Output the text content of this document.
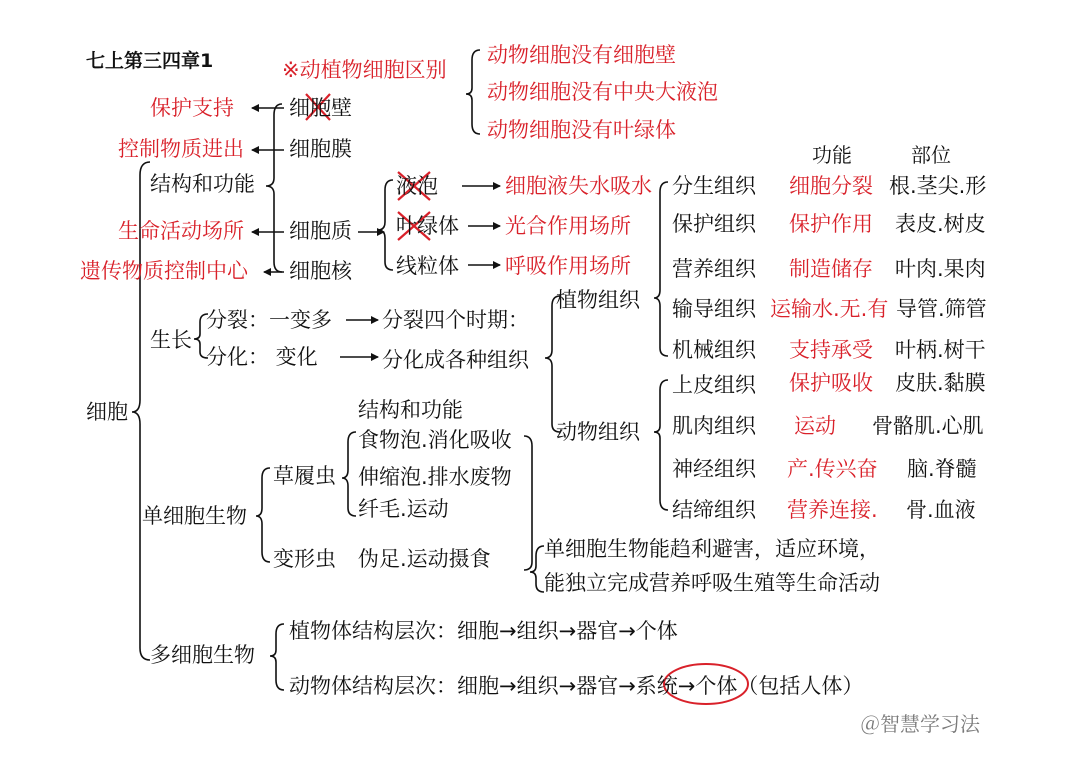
七上第三四章1	※动植物细胞区别
动物细胞没有细胞壁
动物细胞没有中央大液泡
动物细胞没有叶绿体
保护支持
控制物质进出
生命活动场所
遗传物质控制中心
细胞壁
细胞膜
细胞质
细胞核
结构和功能	液泡
叶绿体
线粒体
细胞液失水吸水
光合作用场所
呼吸作用场所
细胞
生长
分裂：一变多 分裂四个时期：
分化： 变化	分化成各种组织
功能	部位
植物组织
动物组织
分生组织 细胞分裂 根.茎尖.形
保护组织 保护作用 表皮.树皮
营养组织 制造储存 叶肉.果肉
输导组织 运输水.无.有 导管.筛管
机械组织 支持承受 叶柄.树干
上皮组织 保护吸收 皮肤.黏膜
肌肉组织 运动 骨骼肌.心肌
神经组织 产.传兴奋 脑.脊髓
结缔组织 营养连接. 骨.血液
结构和功能
单细胞生物
草履虫
食物泡.消化吸收
伸缩泡.排水废物
纤毛.运动
变形虫 伪足.运动摄食	单细胞生物能趋利避害，适应环境，
能独立完成营养呼吸生殖等生命活动
多细胞生物
植物体结构层次：细胞→组织→器官→个体
动物体结构层次：细胞→组织→器官→系统→个体（包括人体）
＠智慧学习法
